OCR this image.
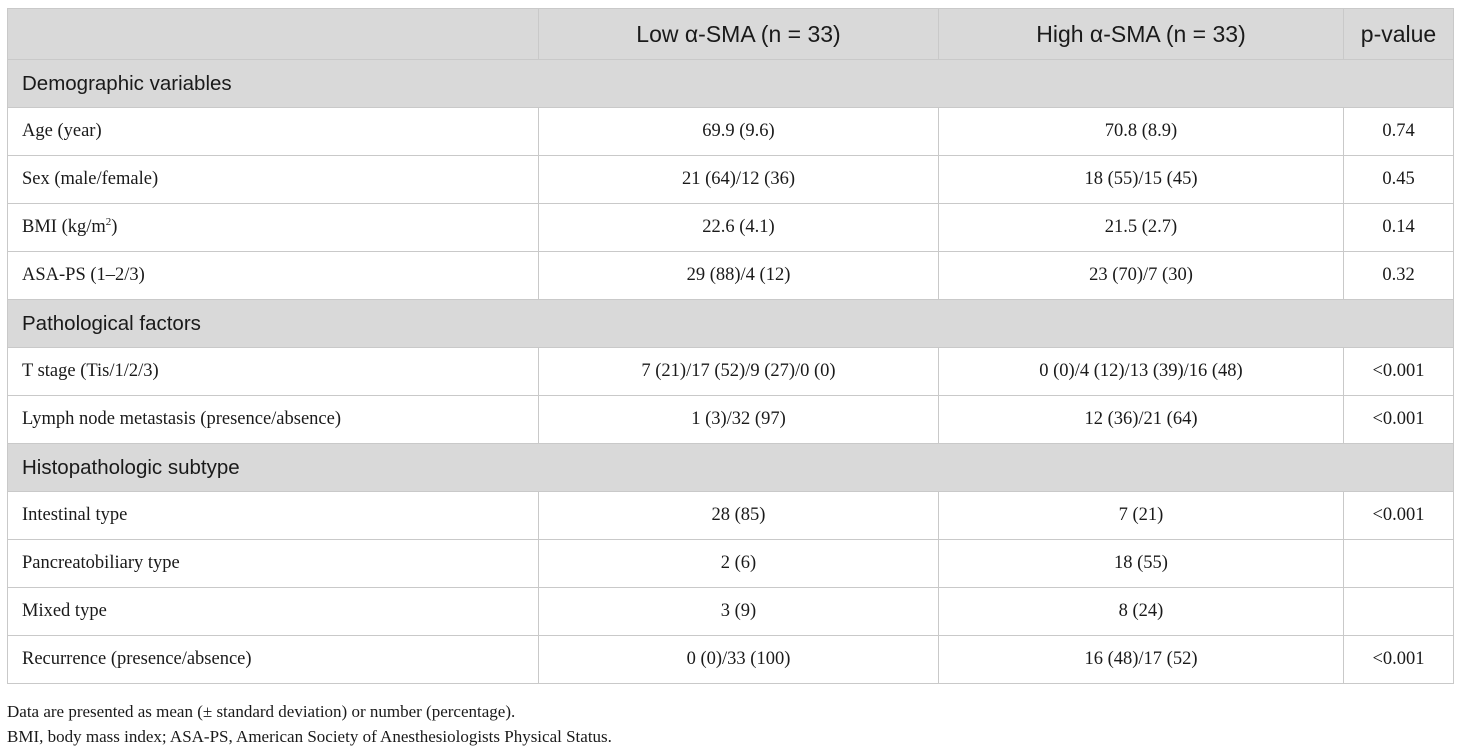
	Low α-SMA (n = 33)	High α-SMA (n = 33)	p-value
Demographic variables			
Age (year)	69.9 (9.6)	70.8 (8.9)	0.74
Sex (male/female)	21 (64)/12 (36)	18 (55)/15 (45)	0.45
BMI $(kg/m^2)$	22.6 (4.1)	21.5 (2.7)	0.14
ASA-PS (1–2/3)	29 (88)/4 (12)	23 (70)/7 (30)	0.32
Pathological factors			
T stage (Tis/1/2/3)	7 (21)/17 (52)/9 (27)/0 (0)	0 (0)/4 (12)/13 (39)/16 (48)	<0.001
Lymph node metastasis (presence/absence)	1 (3)/32 (97)	12 (36)/21 (64)	<0.001
Histopathologic subtype			
Intestinal type	28 (85)	7 (21)	<0.001
Pancreatobiliary type	2 (6)	18 (55)	
Mixed type	3 (9)	8 (24)	
Recurrence (presence/absence)	0 (0)/33 (100)	16 (48)/17 (52)	<0.001
Data are presented as mean (± standard deviation) or number (percentage).
BMI, body mass index; ASA-PS, American Society of Anesthesiologists Physical Status.
